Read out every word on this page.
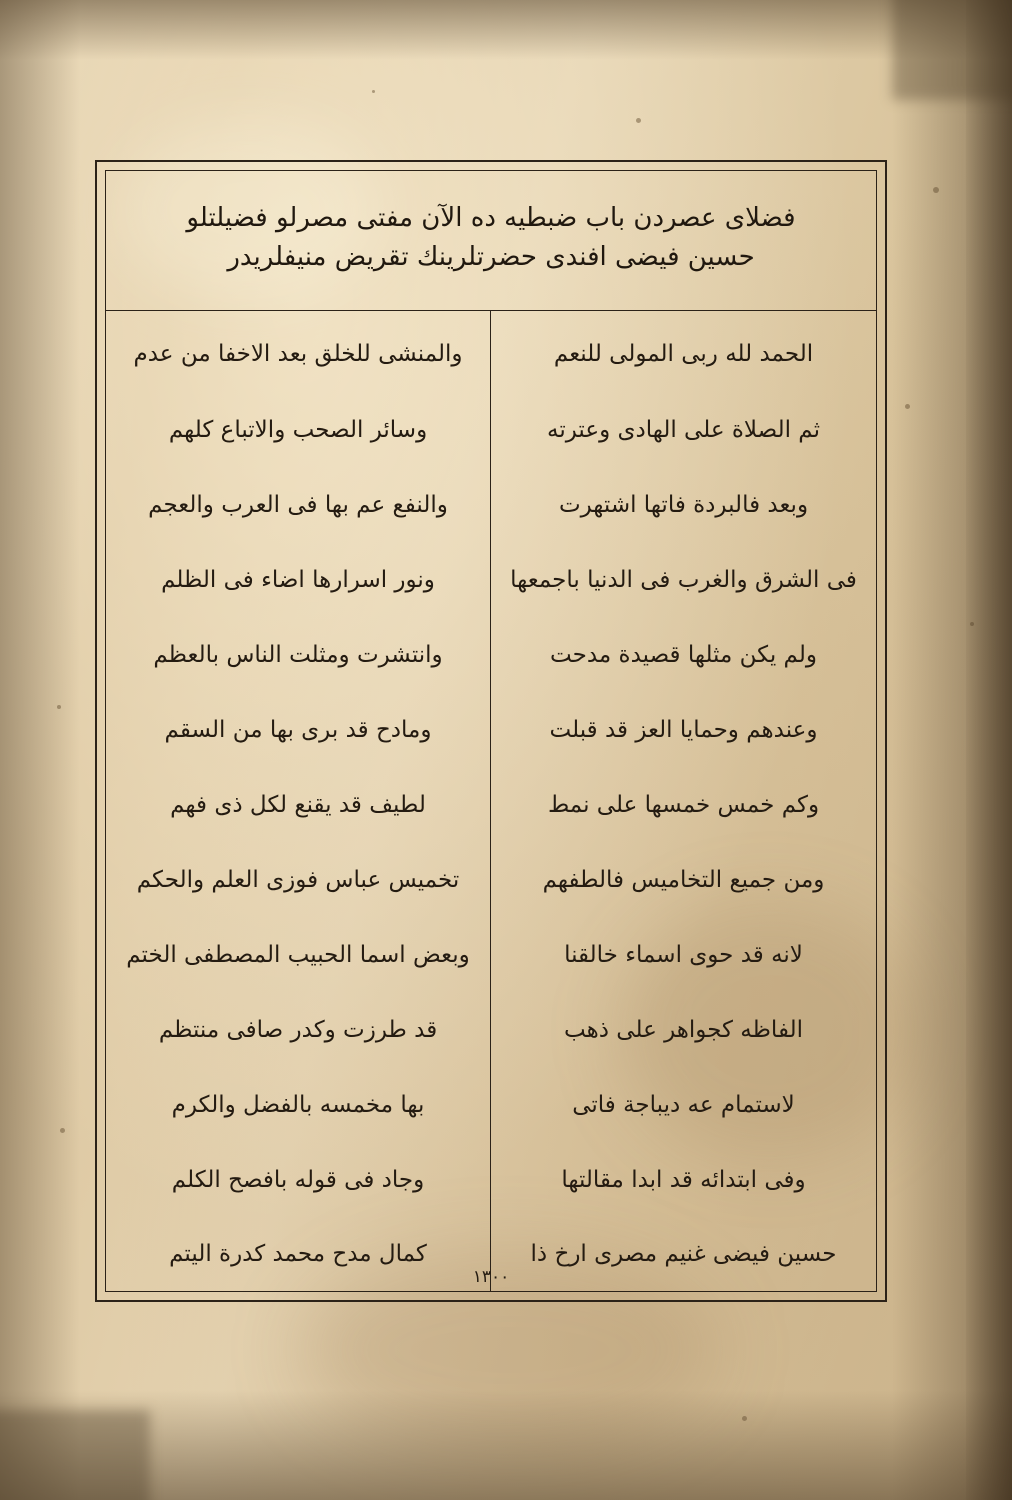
فضلاى عصردن باب ضبطيه ده الآن مفتى مصرلو فضيلتلو
حسين فيضى افندى حضرتلرينك تقريض منيفلريدر
والمنشى للخلق بعد الاخفا من عدم
وسائر الصحب والاتباع كلهم
والنفع عم بها فى العرب والعجم
ونور اسرارها اضاء فى الظلم
وانتشرت ومثلت الناس بالعظم
ومادح قد برى بها من السقم
لطيف قد يقنع لكل ذى فهم
تخميس عباس فوزى العلم والحكم
وبعض اسما الحبيب المصطفى الختم
قد طرزت وكدر صافى منتظم
بها مخمسه بالفضل والكرم
وجاد فى قوله بافصح الكلم
كمال مدح محمد كدرة اليتم
الحمد لله ربى المولى للنعم
ثم الصلاة على الهادى وعترته
وبعد فالبردة فاتها اشتهرت
فى الشرق والغرب فى الدنيا باجمعها
ولم يكن مثلها قصيدة مدحت
وعندهم وحمايا العز قد قبلت
وكم خمس خمسها على نمط
ومن جميع التخاميس فالطفهم
لانه قد حوى اسماء خالقنا
الفاظه كجواهر على ذهب
لاستمام عه ديباجة فاتى
وفى ابتدائه قد ابدا مقالتها
حسين فيضى غنيم مصرى ارخ ذا
١٣٠٠
